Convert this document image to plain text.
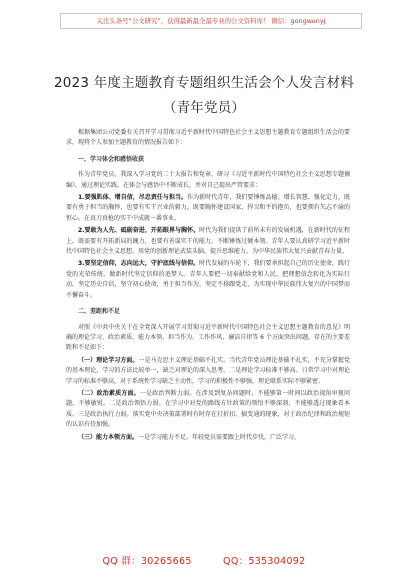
关注头条号“公文研究”，获得最新最全最专业的公文资料库！ 微信：gongwenyj
2023 年度主题教育专题组织生活会个人发言材料
（青年党员）

根据集团公司党委有关召开学习贯彻习近平新时代中国特色社会主义思想主题教育专题组织生活会的要求，现将个人参加主题教育的情况报告如下：

一、学习体会和感悟收获

作为青年党员，我深入学习党的二十大报告和党章，研习《习近平新时代中国特色社会主义思想专题摘编》，通过理论实践，在体会与感悟中不断成长，并对自己提出严管要求：

1.要强肌体、增自信，尽忠责任与担当。作为新时代青年，我们要锤炼品德、增长智慧、强化定力，既要有勇于担当的胸怀，也要有实干兴业的毅力。既要胸怀建设国家、捍卫和平的抱负，也要拥有矢志不渝的恒心。在真刀真枪的实干中成就一番事业。

2.要敢为人先、砥砺奋进，开拓眼界与胸怀。时代为我们提供了前所未有的发展机遇，在新时代的征程上，既需要有开拓新局的魄力，也要有善谋实干的能力，不断锤炼过硬本领。青年人要认真研学习近平新时代中国特色社会主义思想，用党的创新理论武装头脑，提升思维能力，为中华民族伟大复兴贡献青春力量。

3.要坚定信仰，志向远大，守护底线与信仰。时代发展的车轮下，我们要承担起自己的历史使命，践行党的光荣传统，做新时代坚定信仰的追梦人。青年人要把一切奉献给党和人民，把理想信念转化为实际行动，坚定历史自信，坚守初心使命，勇于担当作为，坚定不移跟党走，为实现中华民族伟大复兴的中国梦而不懈奋斗。

二、差距和不足

对照《中共中央关于在全党深入开展学习贯彻习近平新时代中国特色社会主义思想主题教育的意见》明确的理论学习、政治素质、能力本领、担当作为、工作作风、廉洁自律等 6 个方面突出问题，存在的主要差距和不足如下：

（一）理论学习方面。一是马克思主义理论基础不扎实。当代青年党员理论基础不扎实，不充分掌握党的基本理论，学习的方法比较单一，缺乏对理论的深入思考。二是理论学习标准不够高。日常学习中对理论学习的标准不够高，对于系统性学习缺乏主动性，学习的积极性不够强，理论联系实际不够紧密。

（二）政治素质方面。一是政治判断力弱。在涉及到复杂问题时，不能够第一时间以政治视角审视问题，不够敏锐。二是政治领悟力弱。在学习中对党的路线方针政策的领悟不够深刻，不能够透过现象看本质。三是政治执行力弱。落实党中央决策部署时有时存在打折扣、搞变通的现象，对于政治纪律和政治规矩的认识有待加强。

（三）能力本领方面。一是学习能力不足。年轻党员需要跟上时代步伐，广泛学习，

QQ 群：30265665	QQ：535304092
